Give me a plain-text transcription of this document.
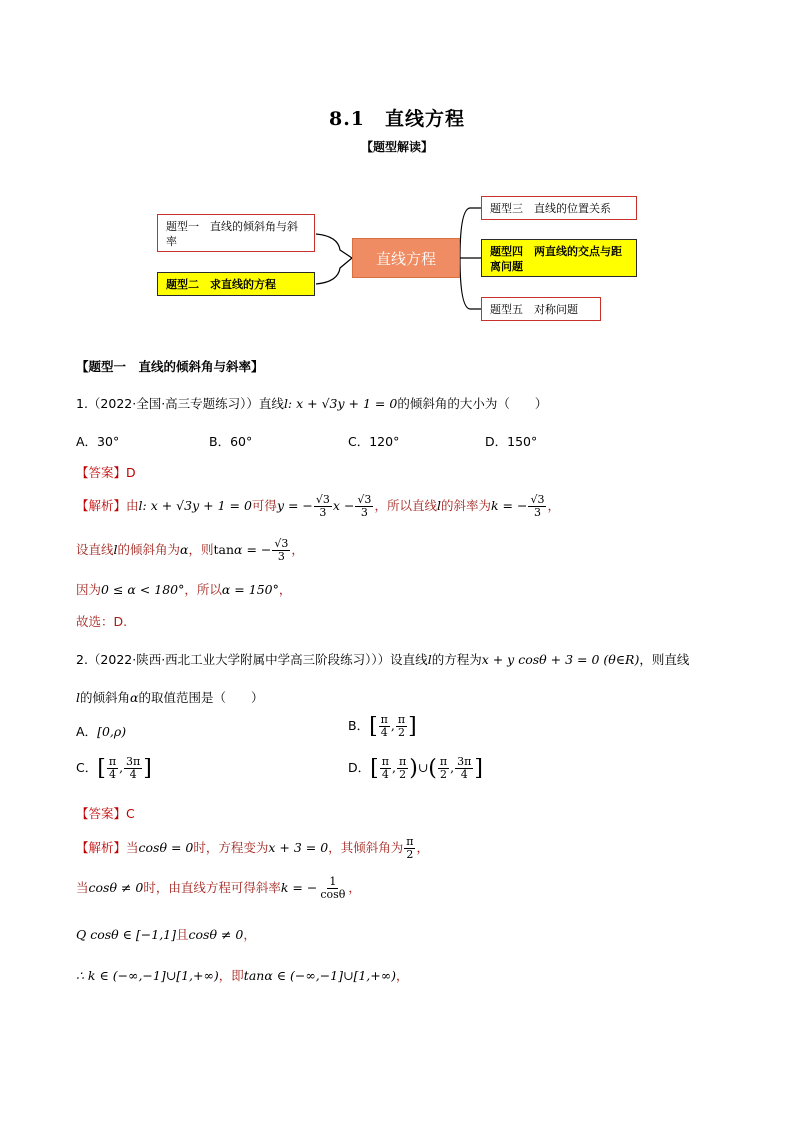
8.1　直线方程
【题型解读】
题型一　直线的倾斜角与斜率
题型二　求直线的方程
直线方程
题型三　直线的位置关系
题型四　两直线的交点与距离问题
题型五　对称问题
【题型一　直线的倾斜角与斜率】
1.（2022·全国·高三专题练习））直线l: x + √3y + 1 = 0的倾斜角的大小为（　　）
A．30°	B．60°	C．120°	D．150°
【答案】D
【解析】由l: x + √3y + 1 = 0可得y = − $\frac{√3}{3}$ $x - \frac{√3}{3}$ ，所以直线l的斜率为k = − $\frac{√3}{3}$ ，
设直线l的倾斜角为α，则tanα = − $\frac{√3}{3}$ ，
因为0 ≤ α < 180°，所以α = 150°，
故选：D.
2.（2022·陕西·西北工业大学附属中学高三阶段练习）））设直线l的方程为x + y cosθ + 3 = 0 (θ∈R)，则直线
l的倾斜角α的取值范围是（　　）
A．[0,ρ)	B．[ $\frac{\pi}{4}$ , $\frac{\pi}{2}$ ]
C．[ $\frac{\pi}{4}$ , $\frac{3\pi}{4}$ ]	D．[ $\frac{\pi}{4}$ , $\frac{\pi}{2}$ )∪( $\frac{\pi}{2}$ , $\frac{3\pi}{4}$ ]
【答案】C
【解析】当cosθ = 0时，方程变为x + 3 = 0，其倾斜角为 $\frac{\pi}{2}$ ，
当cosθ ≠ 0时，由直线方程可得斜率k = − $\frac{1}{\cos\theta}$ ，
Q cosθ ∈ [−1,1]且cosθ ≠ 0，
∴ k ∈ (−∞,−1]∪[1,+∞)，即tanα ∈ (−∞,−1]∪[1,+∞)，
